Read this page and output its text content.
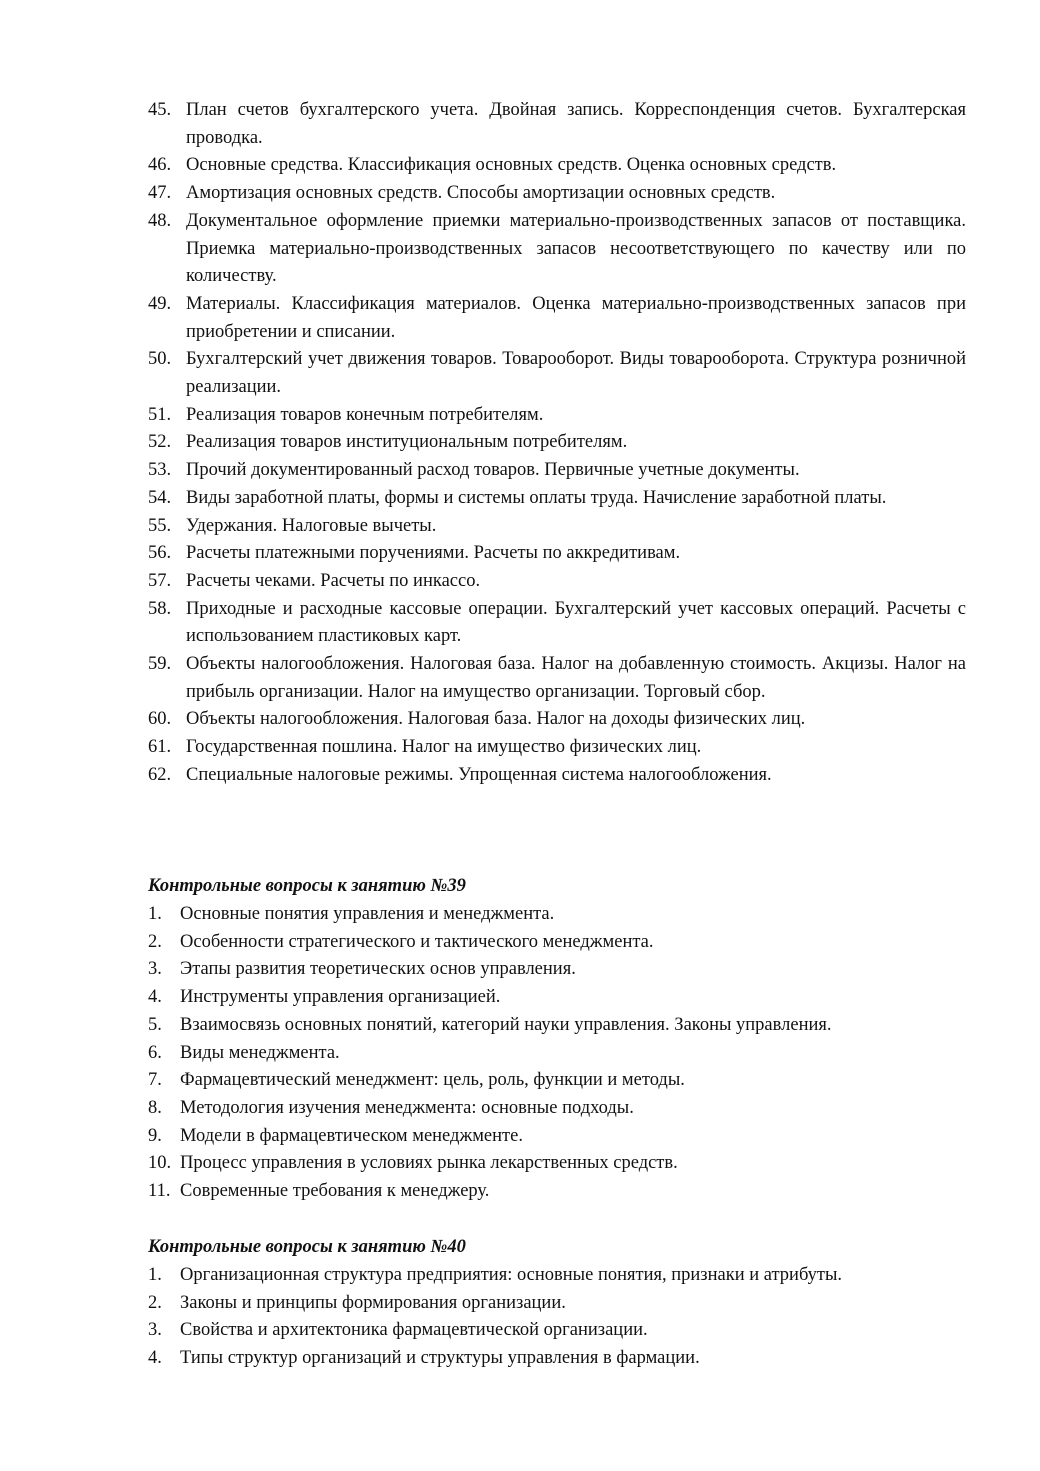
45. План счетов бухгалтерского учета. Двойная запись. Корреспонденция счетов. Бухгалтерская проводка.
46. Основные средства. Классификация основных средств. Оценка основных средств.
47. Амортизация основных средств. Способы амортизации основных средств.
48. Документальное оформление приемки материально-производственных запасов от поставщика. Приемка материально-производственных запасов несоответствующего по качеству или по количеству.
49. Материалы. Классификация материалов. Оценка материально-производственных запасов при приобретении и списании.
50. Бухгалтерский учет движения товаров. Товарооборот. Виды товарооборота. Структура розничной реализации.
51. Реализация товаров конечным потребителям.
52. Реализация товаров институциональным потребителям.
53. Прочий документированный расход товаров. Первичные учетные документы.
54. Виды заработной платы, формы и системы оплаты труда. Начисление заработной платы.
55. Удержания. Налоговые вычеты.
56. Расчеты платежными поручениями. Расчеты по аккредитивам.
57. Расчеты чеками. Расчеты по инкассо.
58. Приходные и расходные кассовые операции. Бухгалтерский учет кассовых операций. Расчеты с использованием пластиковых карт.
59. Объекты налогообложения. Налоговая база. Налог на добавленную стоимость. Акцизы. Налог на прибыль организации. Налог на имущество организации. Торговый сбор.
60. Объекты налогообложения. Налоговая база. Налог на доходы физических лиц.
61. Государственная пошлина. Налог на имущество физических лиц.
62. Специальные налоговые режимы. Упрощенная система налогообложения.
Контрольные вопросы к занятию №39
1. Основные понятия управления и менеджмента.
2. Особенности стратегического и тактического менеджмента.
3. Этапы развития теоретических основ управления.
4. Инструменты управления организацией.
5. Взаимосвязь основных понятий, категорий науки управления. Законы управления.
6. Виды менеджмента.
7. Фармацевтический менеджмент: цель, роль, функции и методы.
8. Методология изучения менеджмента: основные подходы.
9. Модели в фармацевтическом менеджменте.
10. Процесс управления в условиях рынка лекарственных средств.
11. Современные требования к менеджеру.
Контрольные вопросы к занятию №40
1. Организационная структура предприятия: основные понятия, признаки и атрибуты.
2. Законы и принципы формирования организации.
3. Свойства и архитектоника фармацевтической организации.
4. Типы структур организаций и структуры управления в фармации.
